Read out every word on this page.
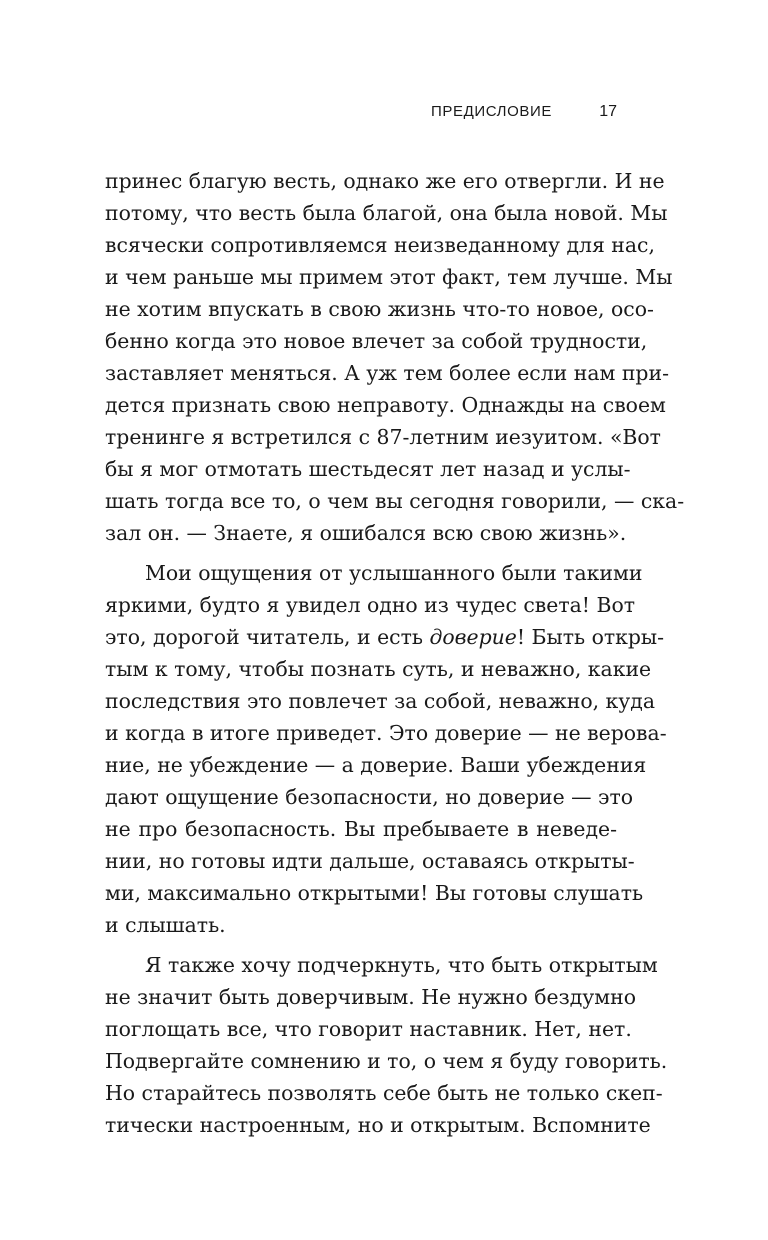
ПРЕДИСЛОВИЕ	17
принес благую весть, однако же его отвергли. И не
потому, что весть была благой, она была новой. Мы
всячески сопротивляемся неизведанному для нас,
и чем раньше мы примем этот факт, тем лучше. Мы
не хотим впускать в свою жизнь что-то новое, осо-
бенно когда это новое влечет за собой трудности,
заставляет меняться. А уж тем более если нам при-
дется признать свою неправоту. Однажды на своем
тренинге я встретился с 87-летним иезуитом. «Вот
бы я мог отмотать шестьдесят лет назад и услы-
шать тогда все то, о чем вы сегодня говорили, — ска-
зал он. — Знаете, я ошибался всю свою жизнь».
Мои ощущения от услышанного были такими
яркими, будто я увидел одно из чудес света! Вот
это, дорогой читатель, и есть доверие! Быть откры-
тым к тому, чтобы познать суть, и неважно, какие
последствия это повлечет за собой, неважно, куда
и когда в итоге приведет. Это доверие — не верова-
ние, не убеждение — а доверие. Ваши убеждения
дают ощущение безопасности, но доверие — это
не про безопасность. Вы пребываете в неведе-
нии, но готовы идти дальше, оставаясь открыты-
ми, максимально открытыми! Вы готовы слушать
и слышать.
Я также хочу подчеркнуть, что быть открытым
не значит быть доверчивым. Не нужно бездумно
поглощать все, что говорит наставник. Нет, нет.
Подвергайте сомнению и то, о чем я буду говорить.
Но старайтесь позволять себе быть не только скеп-
тически настроенным, но и открытым. Вспомните
